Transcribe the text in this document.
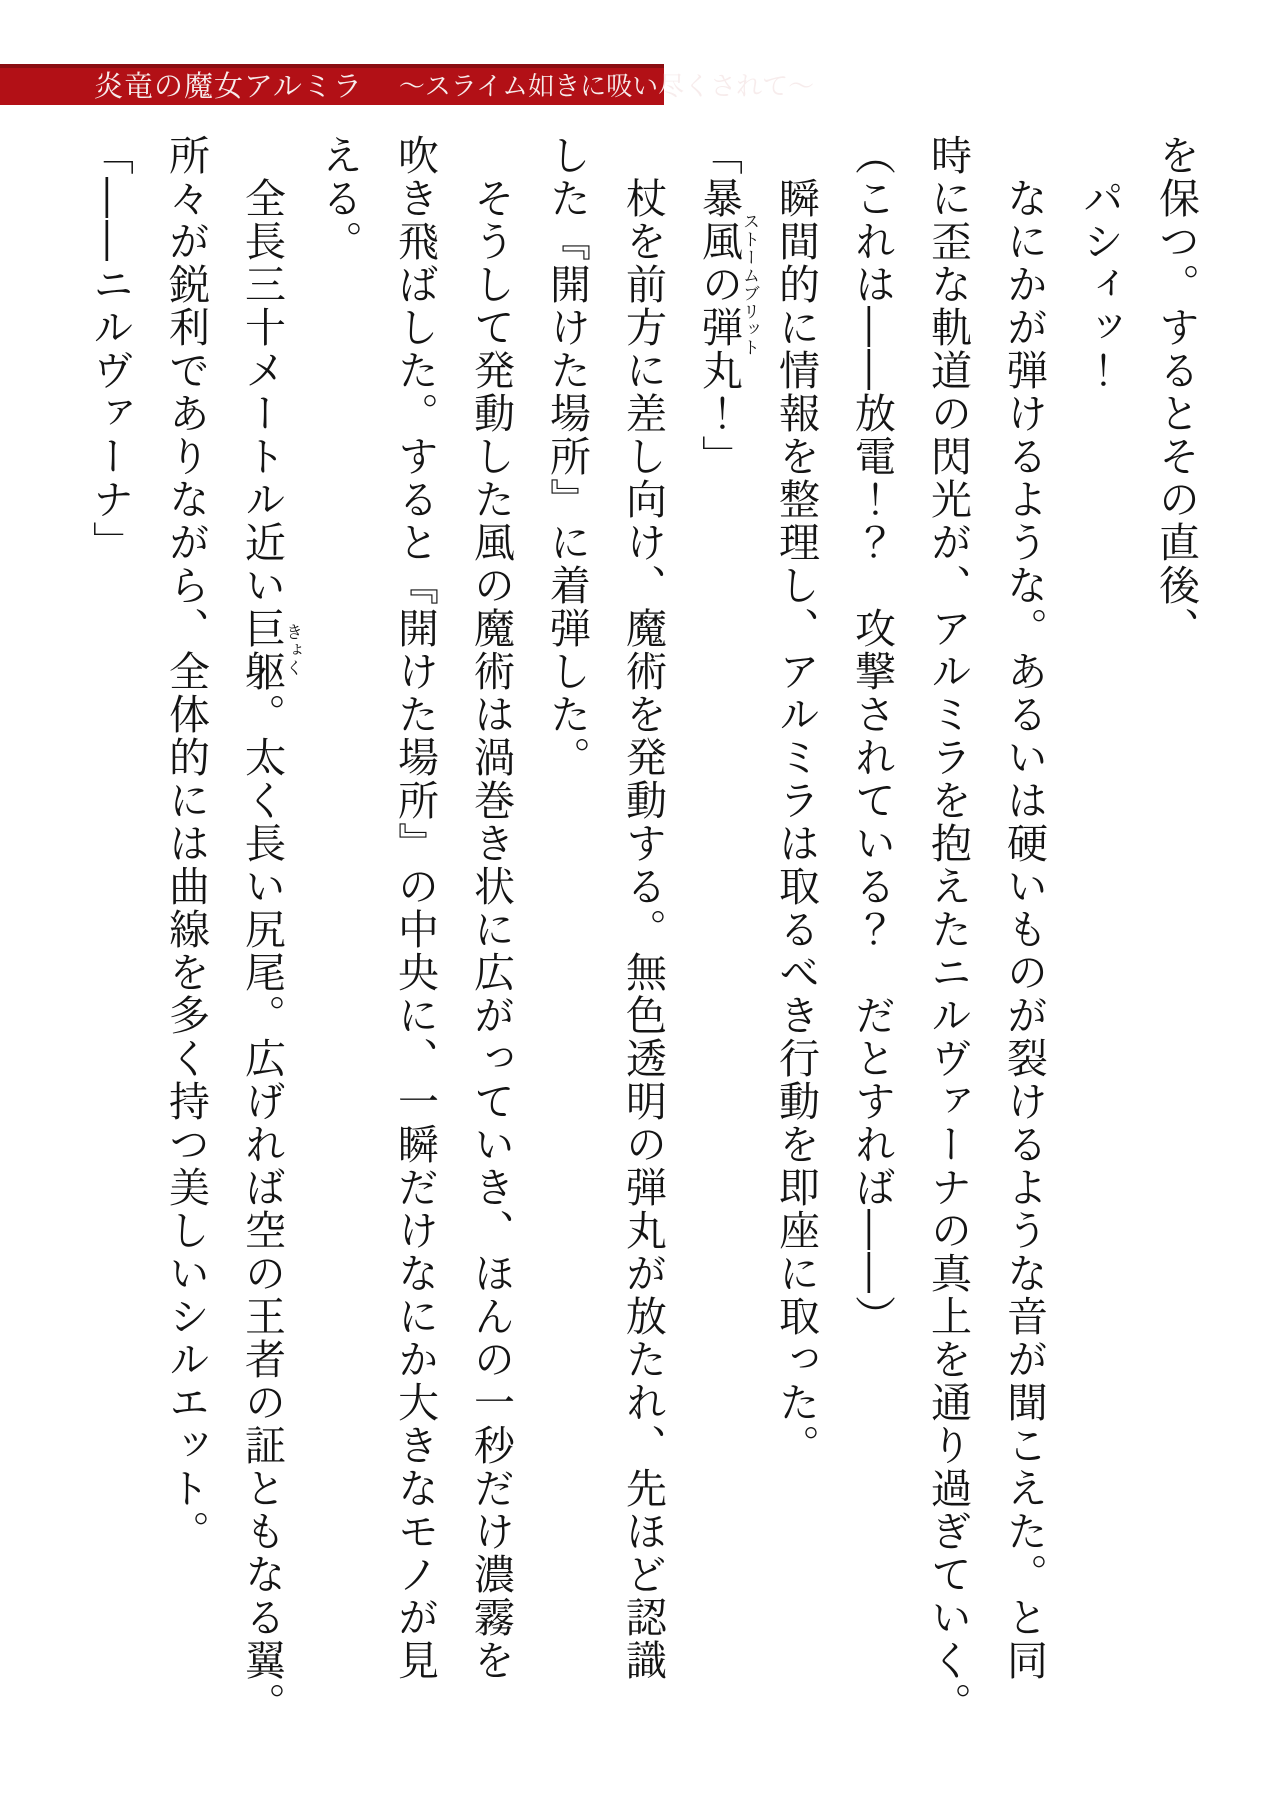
炎竜の魔女アルミラ ～スライム如きに吸い尽くされて～
を保つ。するとその直後、
　パシィッ！
　なにかが弾けるような。あるいは硬いものが裂けるような音が聞こえた。と同
時に歪な軌道の閃光が、アルミラを抱えたニルヴァーナの真上を通り過ぎていく。
（これは――放電！？　攻撃されている？　だとすれば――）
　瞬間的に情報を整理し、アルミラは取るべき行動を即座に取った。
「暴風の弾丸ストームブリット！」
　杖を前方に差し向け、魔術を発動する。無色透明の弾丸が放たれ、先ほど認識
した『開けた場所』に着弾した。
　そうして発動した風の魔術は渦巻き状に広がっていき、ほんの一秒だけ濃霧を
吹き飛ばした。すると『開けた場所』の中央に、一瞬だけなにか大きなモノが見
える。
　全長三十メートル近い巨躯きょく。太く長い尻尾。広げれば空の王者の証ともなる翼。
所々が鋭利でありながら、全体的には曲線を多く持つ美しいシルエット。
「――ニルヴァーナ」
